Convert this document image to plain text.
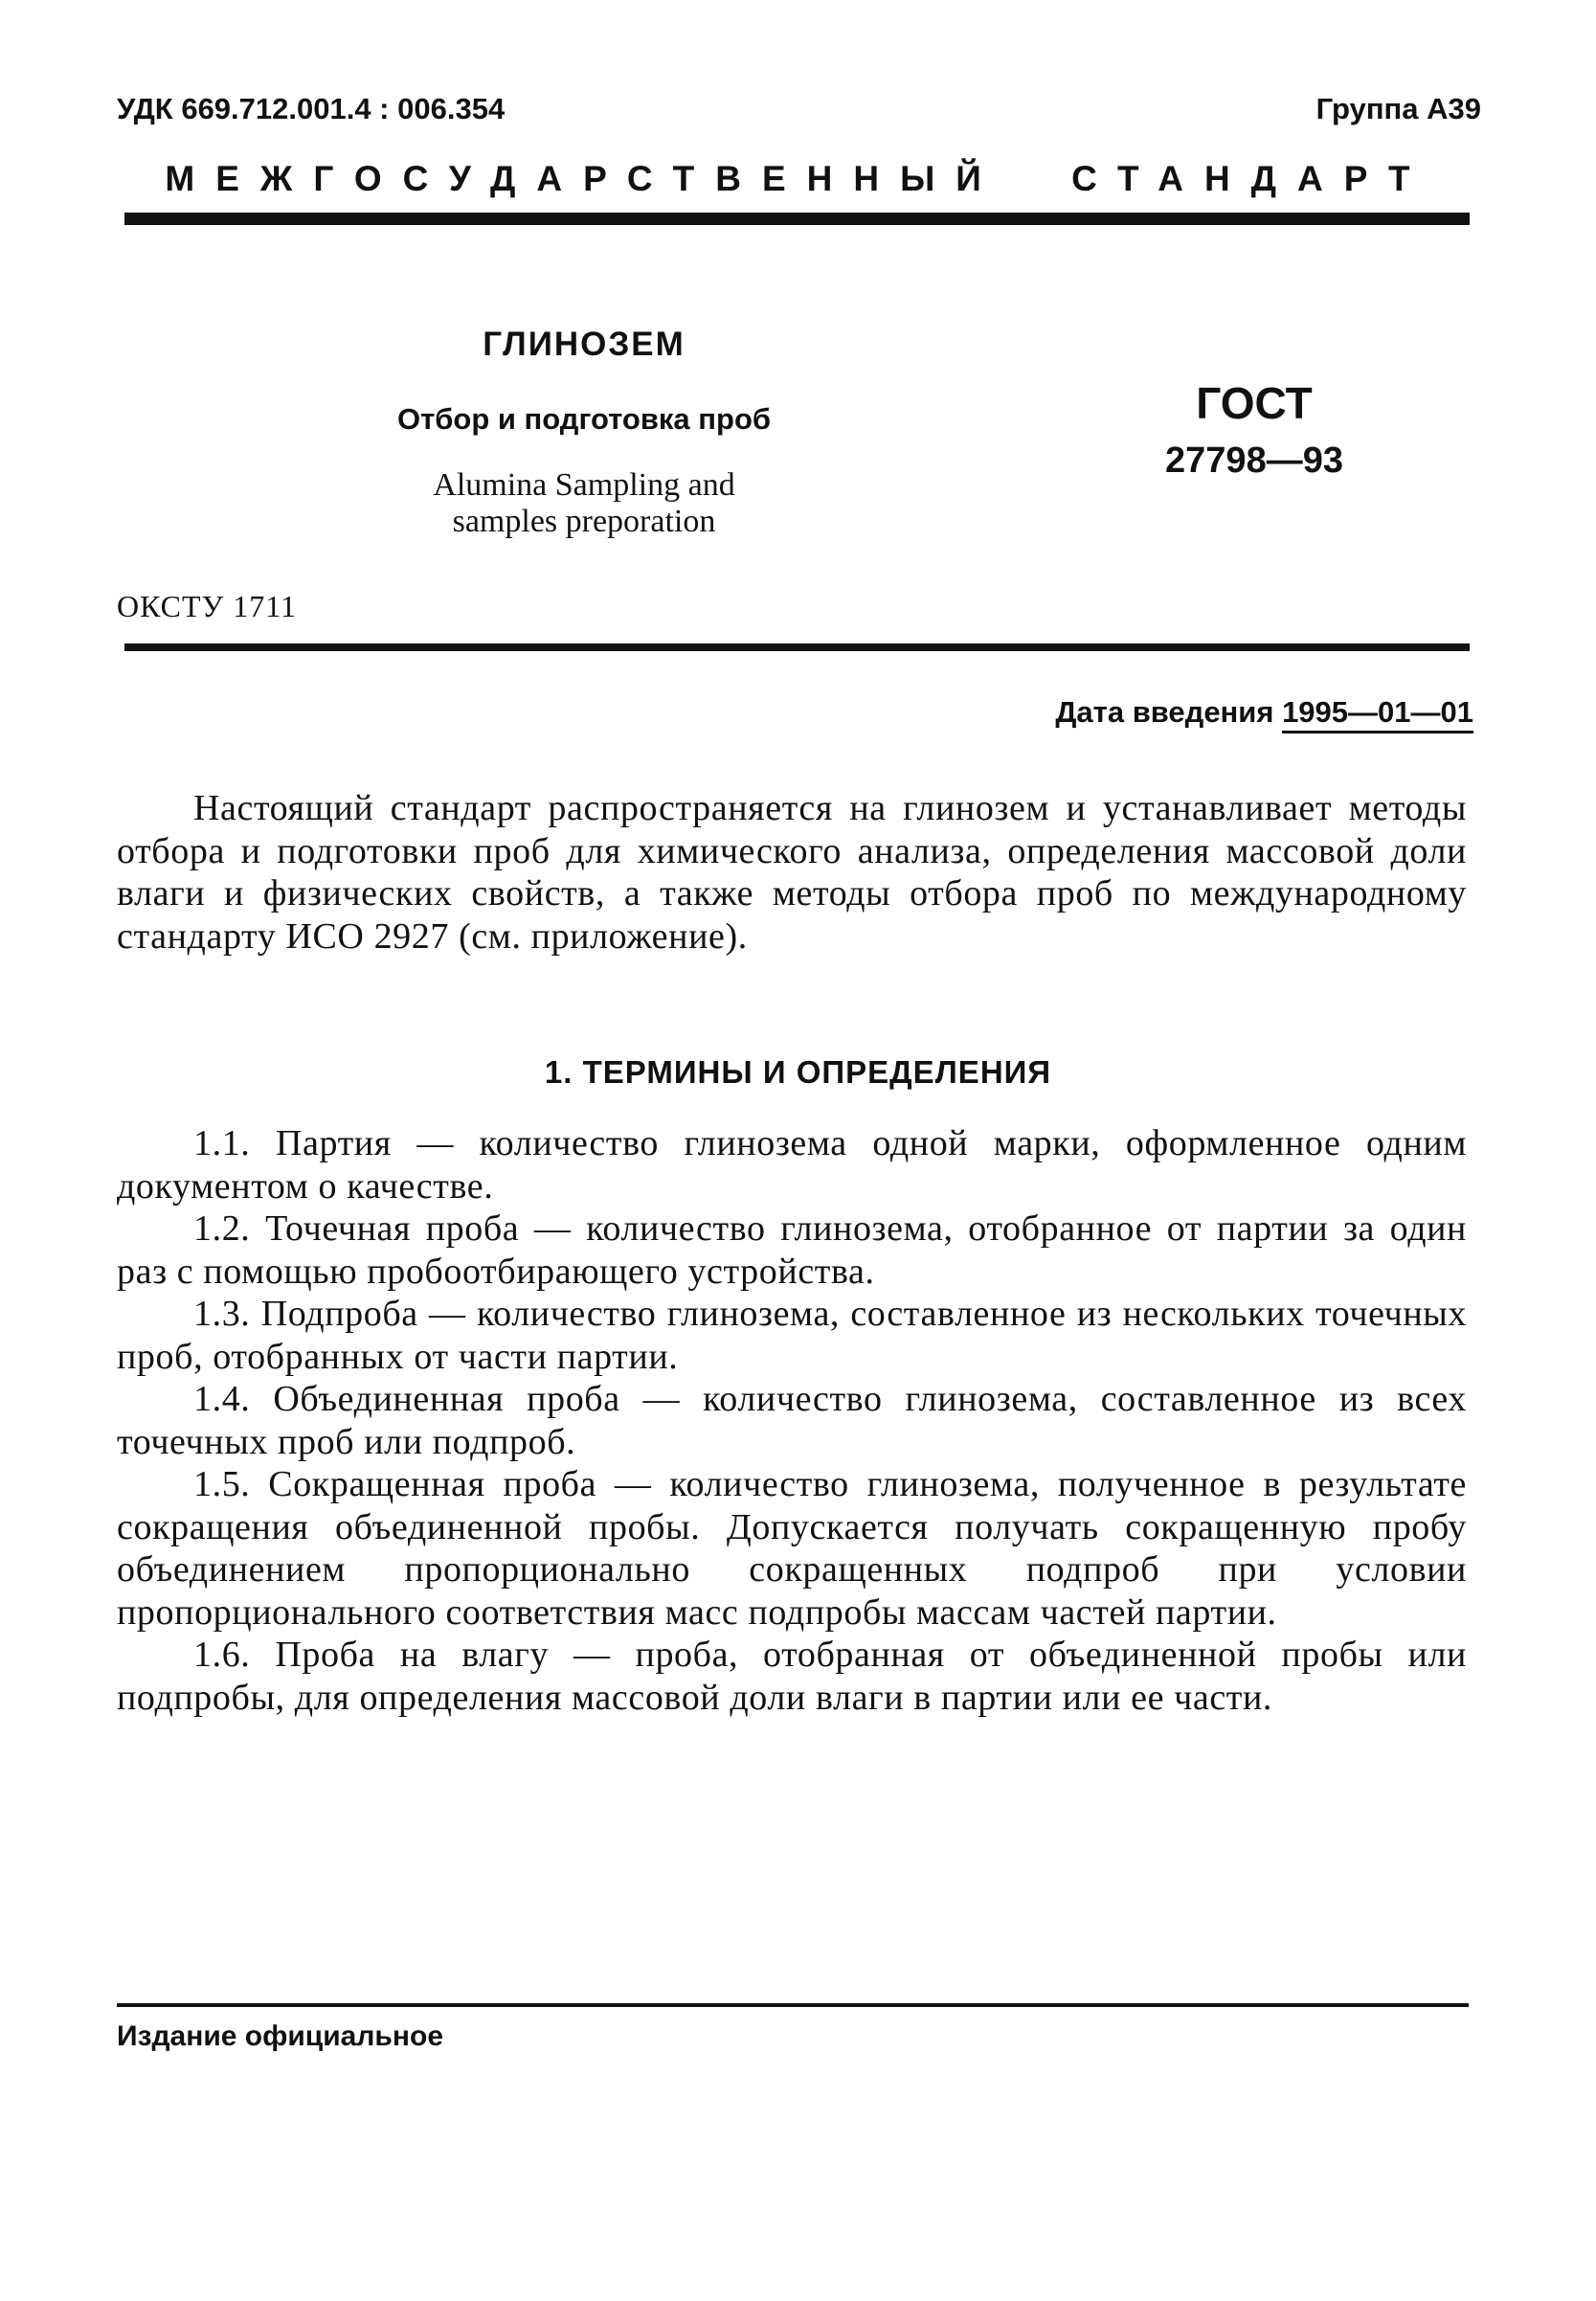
УДК 669.712.001.4 : 006.354	Группа А39
МЕЖГОСУДАРСТВЕННЫЙ СТАНДАРТ
ГЛИНОЗЕМ
Отбор и подготовка проб
Alumina Sampling and
samples preporation
ГОСТ
27798—93
ОКСТУ 1711
Дата введения 1995—01—01
Настоящий стандарт распространяется на глинозем и устанавливает методы отбора и подготовки проб для химического анализа, определения массовой доли влаги и физических свойств, а также методы отбора проб по международному стандарту ИСО 2927 (см. приложение).
1. ТЕРМИНЫ И ОПРЕДЕЛЕНИЯ

1.1. Партия — количество глинозема одной марки, оформленное одним документом о качестве.

1.2. Точечная проба — количество глинозема, отобранное от партии за один раз с помощью пробоотбирающего устройства.

1.3. Подпроба — количество глинозема, составленное из нескольких точечных проб, отобранных от части партии.

1.4. Объединенная проба — количество глинозема, составленное из всех точечных проб или подпроб.

1.5. Сокращенная проба — количество глинозема, полученное в результате сокращения объединенной пробы. Допускается получать сокращенную пробу объединением пропорционально сокращенных подпроб при условии пропорционального соответствия масс подпробы массам частей партии.

1.6. Проба на влагу — проба, отобранная от объединенной пробы или подпробы, для определения массовой доли влаги в партии или ее части.

Издание официальное
